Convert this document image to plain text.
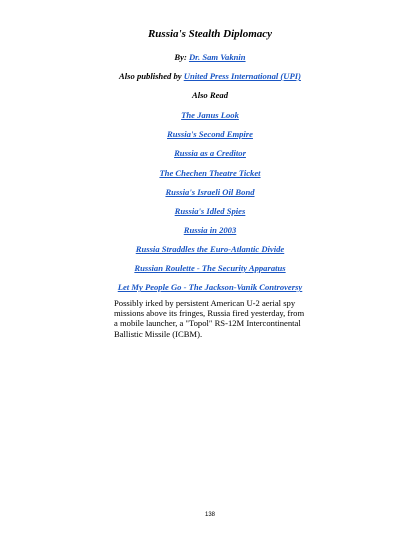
Russia's Stealth Diplomacy
By: Dr. Sam Vaknin
Also published by United Press International (UPI)
Also Read
The Janus Look
Russia's Second Empire
Russia as a Creditor
The Chechen Theatre Ticket
Russia's Israeli Oil Bond
Russia's Idled Spies
Russia in 2003
Russia Straddles the Euro-Atlantic Divide
Russian Roulette - The Security Apparatus
Let My People Go - The Jackson-Vanik Controversy

Possibly irked by persistent American U-2 aerial spy missions above its fringes, Russia fired yesterday, from a mobile launcher, a "Topol" RS-12M Intercontinental Ballistic Missile (ICBM).

138
